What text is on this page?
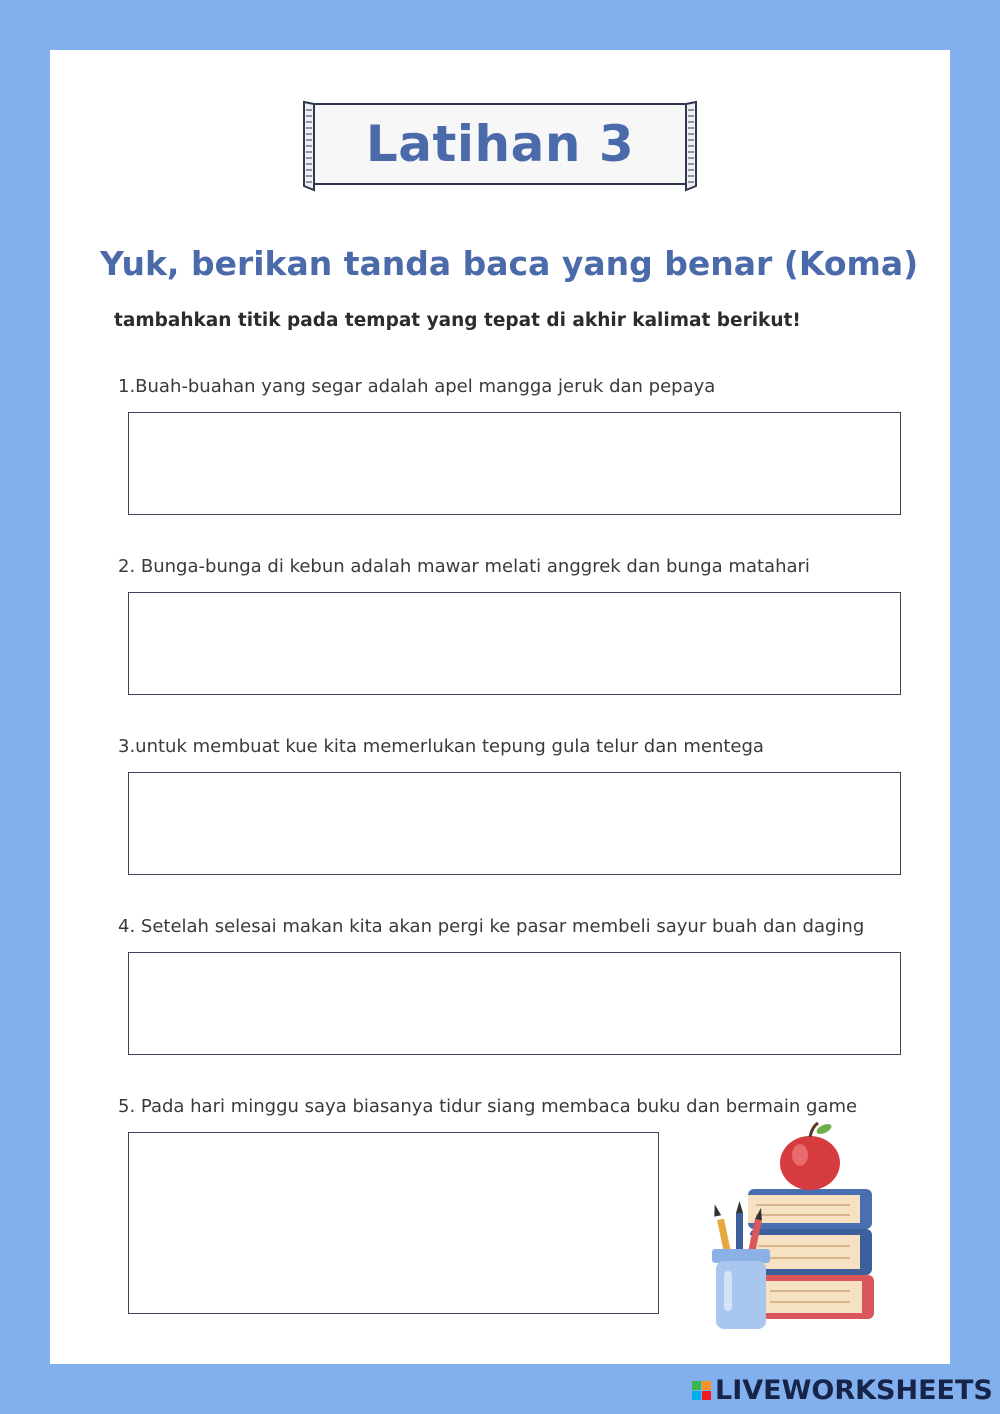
Latihan 3
Yuk, berikan tanda baca yang benar (Koma)
tambahkan titik pada tempat yang tepat di akhir kalimat berikut!
1.Buah-buahan yang segar adalah apel mangga jeruk dan pepaya
2. Bunga-bunga di kebun adalah mawar melati anggrek dan bunga matahari
3.untuk membuat kue kita memerlukan tepung gula telur dan mentega
4. Setelah selesai makan kita akan pergi ke pasar membeli sayur buah dan daging
5. Pada hari minggu saya biasanya tidur siang membaca buku dan bermain game
LIVEWORKSHEETS
